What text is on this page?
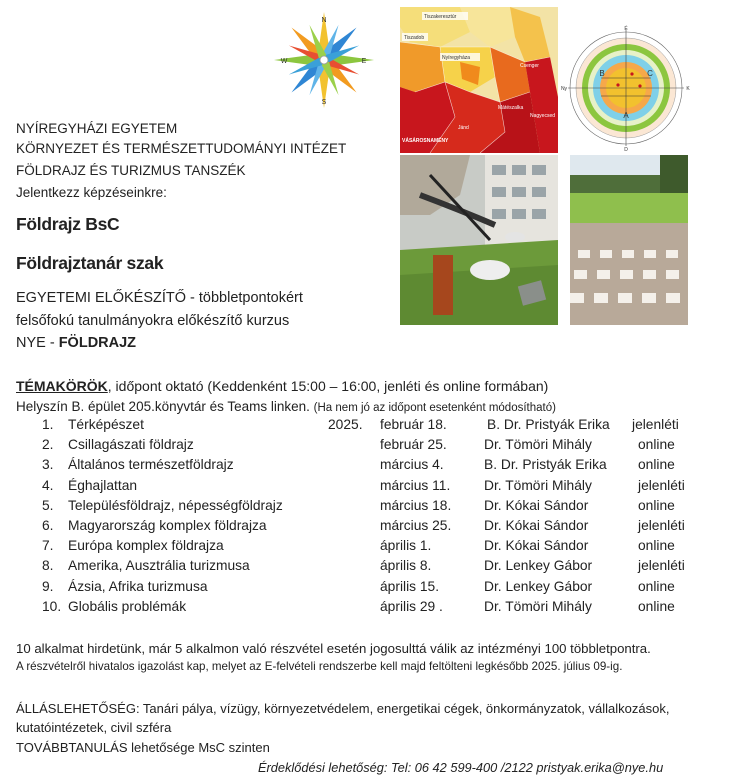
NYÍREGYHÁZI EGYETEM
KÖRNYEZET ÉS TERMÉSZETTUDOMÁNYI INTÉZET
FÖLDRAJZ ÉS TURIZMUS TANSZÉK
Jelentkezz képzéseinkre:
Földrajz BsC
Földrajztanár szak
EGYETEMI ELŐKÉSZÍTŐ - többletpontokért
felsőfokú tanulmányokra előkészítő kurzus
NYE - FÖLDRAJZ
N
E
S
W
Tiszakeresztúr
Tiszadob
Nyíregyháza
VÁSÁROSNAMÉNY
Jánd
Csenger
Mátészalka
Nagyecsed	A
B	C
É
D
K
Ny
TÉMAKÖRÖK, időpont oktató (Keddenként 15:00 – 16:00, jenléti és online formában)
Helyszín B. épület 205.könyvtár és Teams linken. (Ha nem jó az időpont esetenként módosítható)
1. Térképészet	2025. február 18.	B. Dr. Pristyák Erika jelenléti
2. Csillagászati földrajz	február 25.	Dr. Tömöri Mihály	online
3. Általános természetföldrajz	március 4.	B. Dr. Pristyák Erika online
4. Éghajlattan	március 11. Dr. Tömöri Mihály	jelenléti
5. Településföldrajz, népességföldrajz	március 18. Dr. Kókai Sándor	online
6. Magyarország komplex földrajza	március 25. Dr. Kókai Sándor	jelenléti
7. Európa komplex földrajza	április 1.	Dr. Kókai Sándor	online
8. Amerika, Ausztrália turizmusa	április 8.	Dr. Lenkey Gábor	jelenléti
9. Ázsia, Afrika turizmusa	április 15.	Dr. Lenkey Gábor	online
10. Globális problémák	április 29 .	Dr. Tömöri Mihály	online
10 alkalmat hirdetünk, már 5 alkalmon való részvétel esetén jogosulttá válik az intézményi 100 többletpontra.
A részvételről hivatalos igazolást kap, melyet az E-felvételi rendszerbe kell majd feltölteni legkésőbb 2025. július 09-ig.
ÁLLÁSLEHETŐSÉG: Tanári pálya, vízügy, környezetvédelem, energetikai cégek, önkormányzatok, vállalkozások,
kutatóintézetek, civil szféra
TOVÁBBTANULÁS lehetősége MsC szinten
Érdeklődési lehetőség: Tel: 06 42 599-400 /2122 pristyak.erika@nye.hu
